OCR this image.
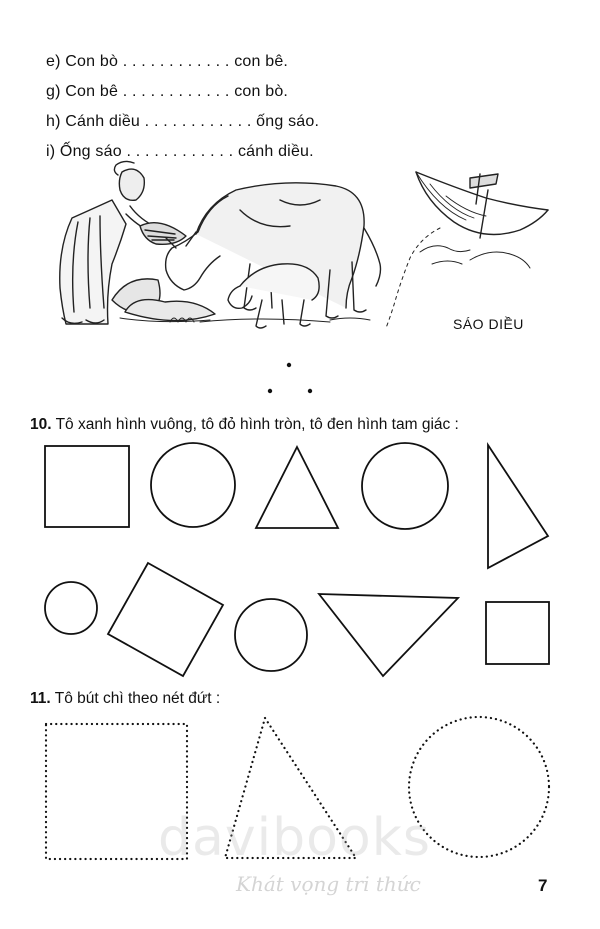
e) Con bò . . . . . . . . . . . . con bê.
g) Con bê . . . . . . . . . . . . con bò.
h) Cánh diều . . . . . . . . . . . . ống sáo.
i) Ống sáo . . . . . . . . . . . . cánh diều.
SÁO DIỀU
10. Tô xanh hình vuông, tô đỏ hình tròn, tô đen hình tam giác :
11. Tô bút chì theo nét đứt :
davibooks
Khát vọng tri thức	7
